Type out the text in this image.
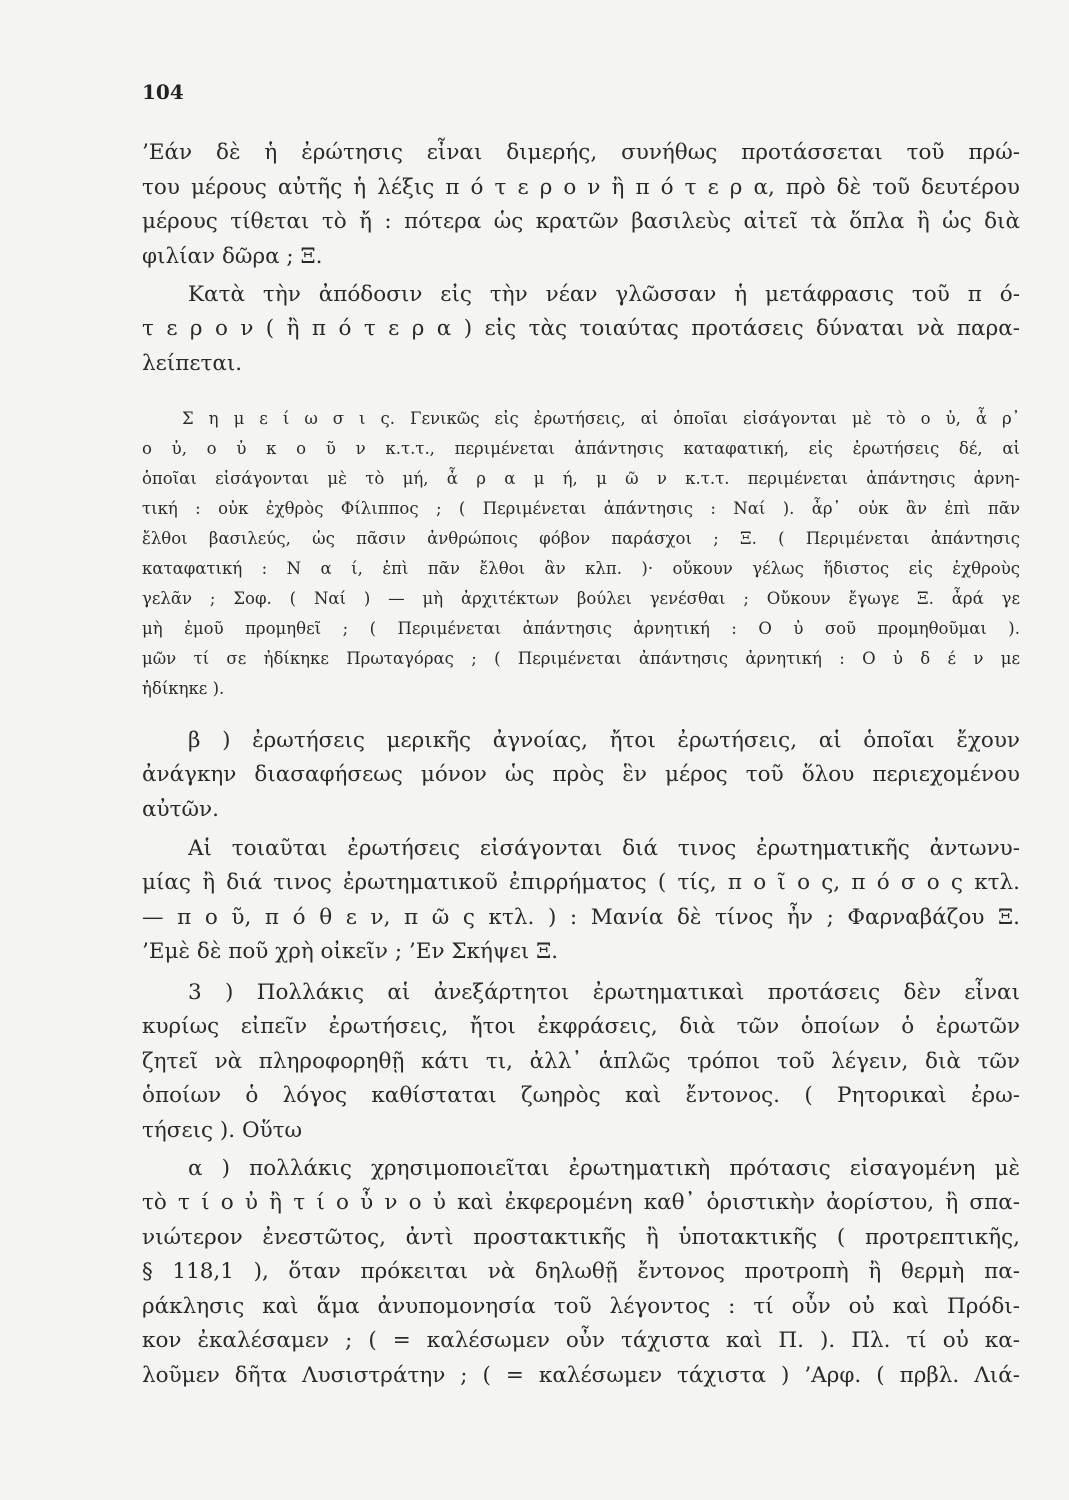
104
’Εάν δὲ ἡ ἐρώτησις εἶναι διμερής, συνήθως προτάσσεται τοῦ πρώ-
του μέρους αὐτῆς ἡ λέξις π ό τ ε ρ ο ν ἢ π ό τ ε ρ α, πρὸ δὲ τοῦ δευτέρου
μέρους τίθεται τὸ ἤ : πότερα ὡς κρατῶν βασιλεὺς αἰτεῖ τὰ ὅπλα ἢ ὡς διὰ
φιλίαν δῶρα ; Ξ.
Κατὰ τὴν ἀπόδοσιν εἰς τὴν νέαν γλῶσσαν ἡ μετάφρασις τοῦ π ό-
τ ε ρ ο ν ( ἢ π ό τ ε ρ α ) εἰς τὰς τοιαύτας προτάσεις δύναται νὰ παρα-
λείπεται.
Σ η μ ε ί ω σ ι ς. Γενικῶς εἰς ἐρωτήσεις, αἱ ὁποῖαι εἰσάγονται μὲ τὸ ο ὐ, ἆ ρ᾽
ο ὐ, ο ὐ κ ο ῦ ν κ.τ.τ., περιμένεται ἀπάντησις καταφατική, εἰς ἐρωτήσεις δέ, αἱ
ὁποῖαι εἰσάγονται μὲ τὸ μή, ἆ ρ α μ ή, μ ῶ ν κ.τ.τ. περιμένεται ἀπάντησις ἀρνη-
τική : οὐκ ἐχθρὸς Φίλιππος ; ( Περιμένεται ἀπάντησις : Ναί ). ἆρ᾽ οὐκ ἂν ἐπὶ πᾶν
ἔλθοι βασιλεύς, ὡς πᾶσιν ἀνθρώποις φόβον παράσχοι ; Ξ. ( Περιμένεται ἀπάντησις
καταφατική : Ν α ί, ἐπὶ πᾶν ἔλθοι ἂν κλπ. )· οὔκουν γέλως ἥδιστος εἰς ἐχθροὺς
γελᾶν ; Σοφ. ( Ναί ) — μὴ ἀρχιτέκτων βούλει γενέσθαι ; Οὔκουν ἔγωγε Ξ. ἆρά γε
μὴ ἐμοῦ προμηθεῖ ; ( Περιμένεται ἀπάντησις ἀρνητική : Ο ὐ σοῦ προμηθοῦμαι ).
μῶν τί σε ἠδίκηκε Πρωταγόρας ; ( Περιμένεται ἀπάντησις ἀρνητική : Ο ὐ δ έ ν με
ἠδίκηκε ).
β ) ἐρωτήσεις μερικῆς ἀγνοίας, ἤτοι ἐρωτήσεις, αἱ ὁποῖαι ἔχουν
ἀνάγκην διασαφήσεως μόνον ὡς πρὸς ἓν μέρος τοῦ ὅλου περιεχομένου
αὐτῶν.
Αἱ τοιαῦται ἐρωτήσεις εἰσάγονται διά τινος ἐρωτηματικῆς ἀντωνυ-
μίας ἢ διά τινος ἐρωτηματικοῦ ἐπιρρήματος ( τίς, π ο ῖ ο ς, π ό σ ο ς κτλ.
— π ο ῦ, π ό θ ε ν, π ῶ ς κτλ. ) : Μανία δὲ τίνος ἦν ; Φαρναβάζου Ξ.
’Εμὲ δὲ ποῦ χρὴ οἰκεῖν ; ’Εν Σκήψει Ξ.
3 ) Πολλάκις αἱ ἀνεξάρτητοι ἐρωτηματικαὶ προτάσεις δὲν εἶναι
κυρίως εἰπεῖν ἐρωτήσεις, ἤτοι ἐκφράσεις, διὰ τῶν ὁποίων ὁ ἐρωτῶν
ζητεῖ νὰ πληροφορηθῇ κάτι τι, ἀλλ᾽ ἁπλῶς τρόποι τοῦ λέγειν, διὰ τῶν
ὁποίων ὁ λόγος καθίσταται ζωηρὸς καὶ ἔντονος. ( Ρητορικαὶ ἐρω-
τήσεις ). Οὕτω
α ) πολλάκις χρησιμοποιεῖται ἐρωτηματικὴ πρότασις εἰσαγομένη μὲ
τὸ τ ί ο ὐ ἢ τ ί ο ὖ ν ο ὐ καὶ ἐκφερομένη καθ᾽ ὁριστικὴν ἀορίστου, ἢ σπα-
νιώτερον ἐνεστῶτος, ἀντὶ προστακτικῆς ἢ ὑποτακτικῆς ( προτρεπτικῆς,
§ 118,1 ), ὅταν πρόκειται νὰ δηλωθῇ ἔντονος προτροπὴ ἢ θερμὴ πα-
ράκλησις καὶ ἅμα ἀνυπομονησία τοῦ λέγοντος : τί οὖν οὐ καὶ Πρόδι-
κον ἐκαλέσαμεν ; ( = καλέσωμεν οὖν τάχιστα καὶ Π. ). Πλ. τί οὐ κα-
λοῦμεν δῆτα Λυσιστράτην ; ( = καλέσωμεν τάχιστα ) ’Αρφ. ( πρβλ. Λιά-
